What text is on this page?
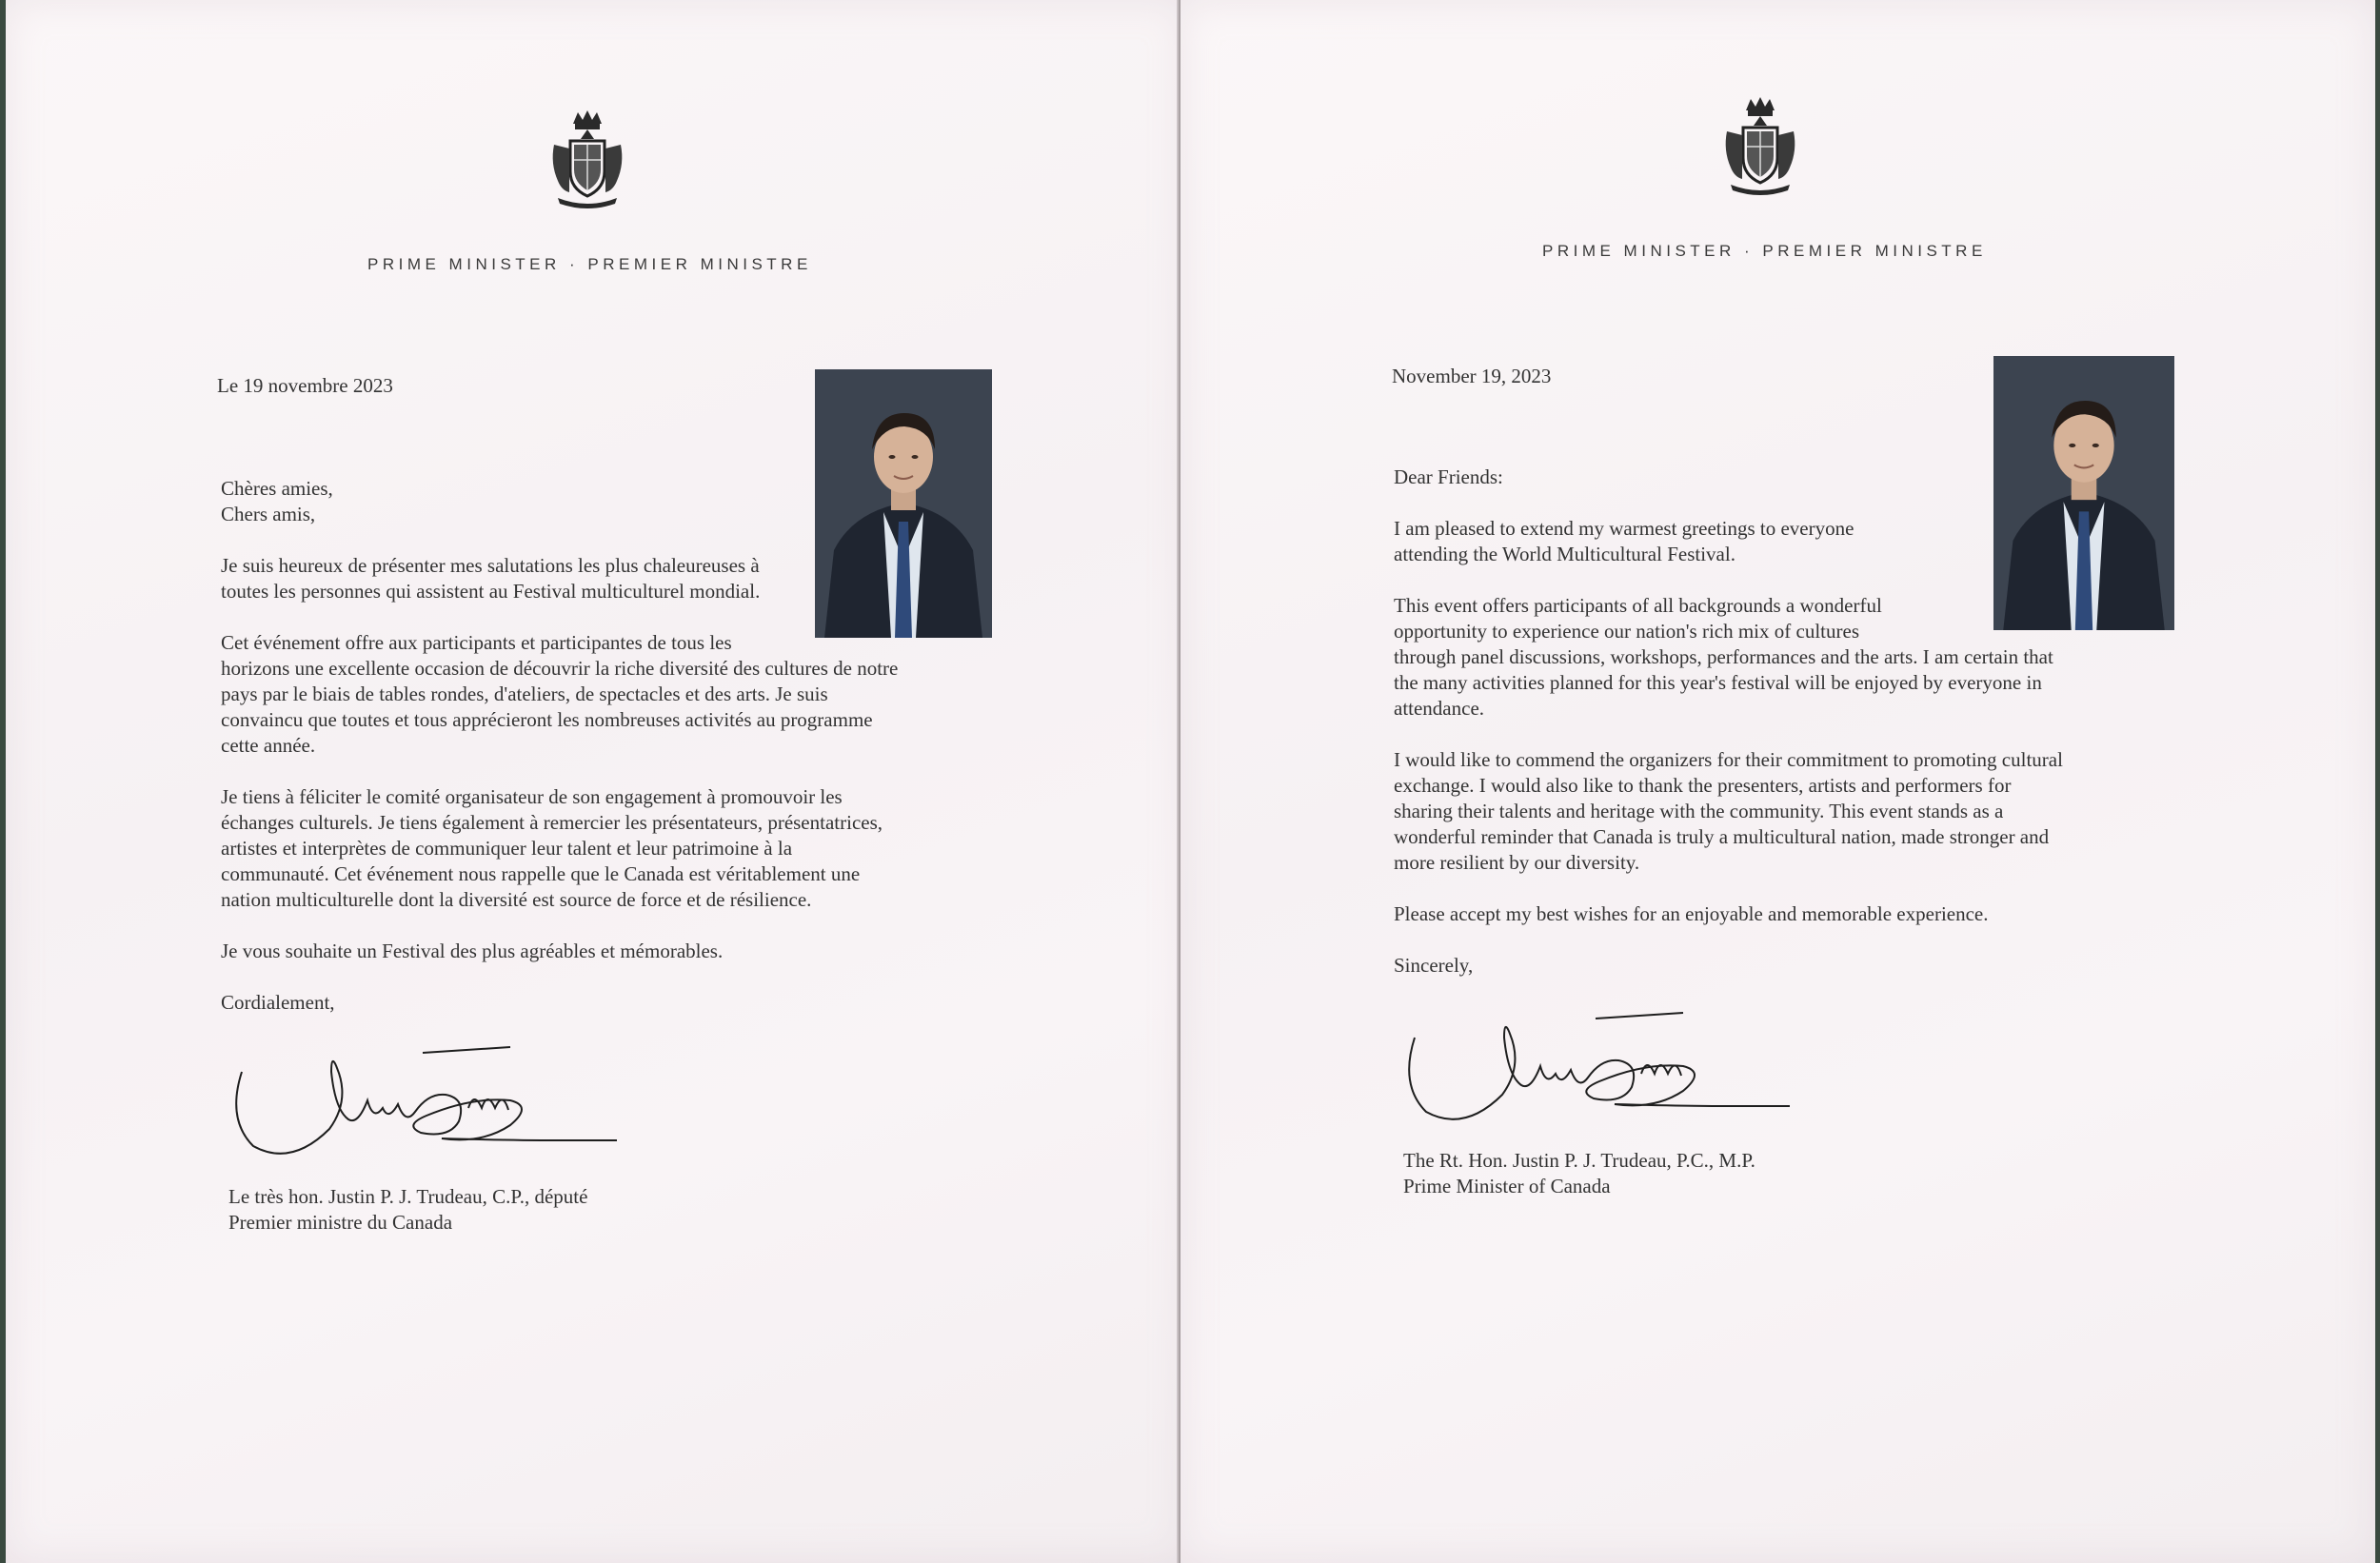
PRIME MINISTER · PREMIER MINISTRE
Le 19 novembre 2023

Chères amies,
Chers amis,

Je suis heureux de présenter mes salutations les plus chaleureuses à
toutes les personnes qui assistent au Festival multiculturel mondial.

Cet événement offre aux participants et participantes de tous les
horizons une excellente occasion de découvrir la riche diversité des cultures de notre
pays par le biais de tables rondes, d'ateliers, de spectacles et des arts. Je suis
convaincu que toutes et tous apprécieront les nombreuses activités au programme
cette année.

Je tiens à féliciter le comité organisateur de son engagement à promouvoir les
échanges culturels. Je tiens également à remercier les présentateurs, présentatrices,
artistes et interprètes de communiquer leur talent et leur patrimoine à la
communauté. Cet événement nous rappelle que le Canada est véritablement une
nation multiculturelle dont la diversité est source de force et de résilience.

Je vous souhaite un Festival des plus agréables et mémorables.

Cordialement,

Le très hon. Justin P. J. Trudeau, C.P., député
Premier ministre du Canada
PRIME MINISTER · PREMIER MINISTRE
November 19, 2023

Dear Friends:

I am pleased to extend my warmest greetings to everyone
attending the World Multicultural Festival.

This event offers participants of all backgrounds a wonderful
opportunity to experience our nation's rich mix of cultures
through panel discussions, workshops, performances and the arts. I am certain that
the many activities planned for this year's festival will be enjoyed by everyone in
attendance.

I would like to commend the organizers for their commitment to promoting cultural
exchange. I would also like to thank the presenters, artists and performers for
sharing their talents and heritage with the community. This event stands as a
wonderful reminder that Canada is truly a multicultural nation, made stronger and
more resilient by our diversity.

Please accept my best wishes for an enjoyable and memorable experience.

Sincerely,

The Rt. Hon. Justin P. J. Trudeau, P.C., M.P.
Prime Minister of Canada
